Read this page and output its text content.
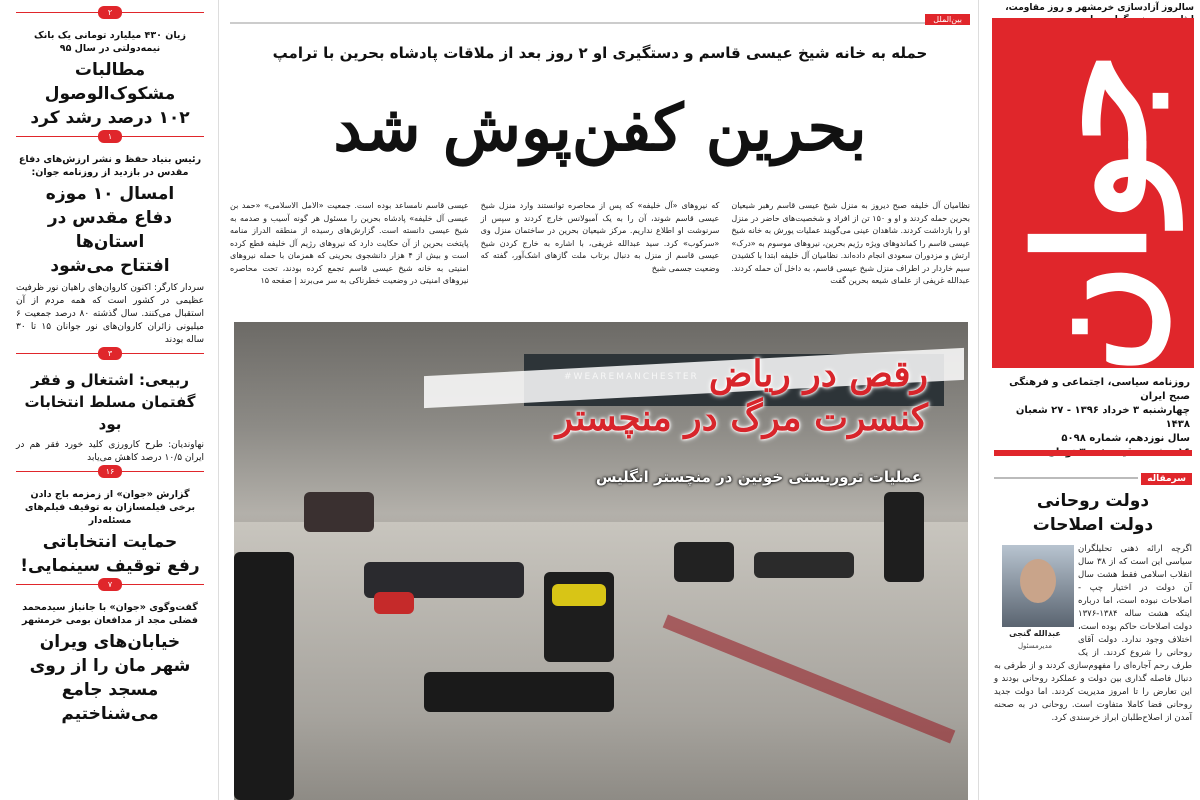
سالروز آزادسازی خرمشهر و روز مقاومت،
جوان
روزنامه سیاسی، اجتماعی و فرهنگی صبح ایران
چهارشنبه ۳ خرداد ۱۳۹۶ - ۲۷ شعبان ۱۴۳۸
سال نوزدهم، شماره ۵۰۹۸
سرمقاله
دولت روحانی
دولت اصلاحات
عبدالله گنجی
مدیرمسئول
اگرچه ارائه ذهنی تحلیلگران سیاسی این است که از ۳۸ سال انقلاب اسلامی فقط هشت سال آن دولت در اختیار چپ - اصلاحات نبوده است، اما درباره اینکه هشت ساله ۱۳۸۴-۱۳۷۶ دولت اصلاحات حاکم بوده است، اختلاف وجود ندارد. دولت آقای روحانی را شروع کردند. از یک طرف رحم آجاره‌ای را مفهوم‌سازی کردند و از طرفی به دنبال فاصله گذاری بین دولت و عملکرد روحانی بودند و این تعارض را تا امروز مدیریت کردند. اما دولت جدید روحانی فضا کاملا متفاوت است. روحانی در به صحنه آمدن از اصلاح‌طلبان ابراز خرسندی کرد.
۲
زیان ۴۳۰ میلیارد تومانی یک بانک نیمه‌دولتی در سال ۹۵
مطالبات
مشکوک‌الوصول
۱۰۲ درصد رشد کرد
۱
رئیس بنیاد حفظ و نشر ارزش‌های دفاع مقدس در بازدید از روزنامه جوان:
امسال ۱۰ موزه
دفاع مقدس در استان‌ها
افتتاح می‌شود
سردار کارگر: اکنون کاروان‌های راهیان نور ظرفیت عظیمی در کشور است که همه مردم از آن استقبال می‌کنند. سال گذشته ۸۰ درصد جمعیت ۶ میلیونی زائران کاروان‌های نور جوانان ۱۵ تا ۳۰ ساله بودند
۳
ربیعی: اشتغال و فقر
گفتمان مسلط انتخابات بود
نهاوندیان: طرح کارورزی کلید خورد فقر هم در ایران ۱۰/۵ درصد کاهش می‌یابد
۱۶
گزارش «جوان» از زمزمه باج دادن برخی فیلمسازان به توقیف فیلم‌های مسئله‌دار
حمایت انتخاباتی
رفع توقیف سینمایی!
۷
گفت‌وگوی «جوان» با جانباز سیدمحمد فضلی مجد از مدافعان بومی خرمشهر
خیابان‌های ویران
شهر مان را از روی
مسجد جامع می‌شناختیم
بین‌الملل
حمله به خانه شیخ عیسی قاسم و دستگیری او ۲ روز بعد از ملاقات پادشاه بحرین با ترامپ
بحرین کفن‌پوش شد
نظامیان آل خلیفه صبح دیروز به منزل شیخ عیسی قاسم رهبر شیعیان بحرین حمله کردند و او و ۱۵۰ تن از افراد و شخصیت‌های حاضر در منزل او را بازداشت کردند. شاهدان عینی می‌گویند عملیات یورش به خانه شیخ عیسی قاسم را کماندوهای ویژه رژیم بحرین، نیروهای موسوم به «درک» ارتش و مزدوران سعودی انجام داده‌اند. نظامیان آل خلیفه ابتدا با کشیدن سیم خاردار در اطراف منزل شیخ عیسی قاسم، به داخل آن حمله کردند. عبدالله غریفی از علمای شیعه بحرین گفت
که نیروهای «آل خلیفه» که پس از محاصره توانستند وارد منزل شیخ عیسی قاسم شوند، آن را به یک آمبولانس خارج کردند و سپس از سرنوشت او اطلاع نداریم. مرکز شیعیان بحرین در ساختمان منزل وی «سرکوب» کرد. سید عبدالله غریفی، با اشاره به خارج کردن شیخ عیسی قاسم از منزل به دنبال برتاب ملت گازهای اشک‌آور، گفته که وضعیت جسمی شیخ
عیسی قاسم نامساعد بوده است. جمعیت «الامل الاسلامی» «حمد بن عیسی آل خلیفه» پادشاه بحرین را مسئول هر گونه آسیب و صدمه به شیخ عیسی دانسته است. گزارش‌های رسیده از منطقه الدراز منامه پایتخت بحرین از آن حکایت دارد که نیروهای رژیم آل خلیفه قطع کرده است و بیش از ۴ هزار دانشجوی بحرینی که همزمان با حمله نیروهای امنیتی به خانه شیخ عیسی قاسم تجمع کرده بودند، تحت محاصره نیروهای امنیتی در وضعیت خطرناکی به سر می‌برند | صفحه ۱۵
رقص در ریاض
کنسرت مرگ در منچستر
عملیات تروریستی خونین در منچستر انگلیس
صفحه ۱۵
